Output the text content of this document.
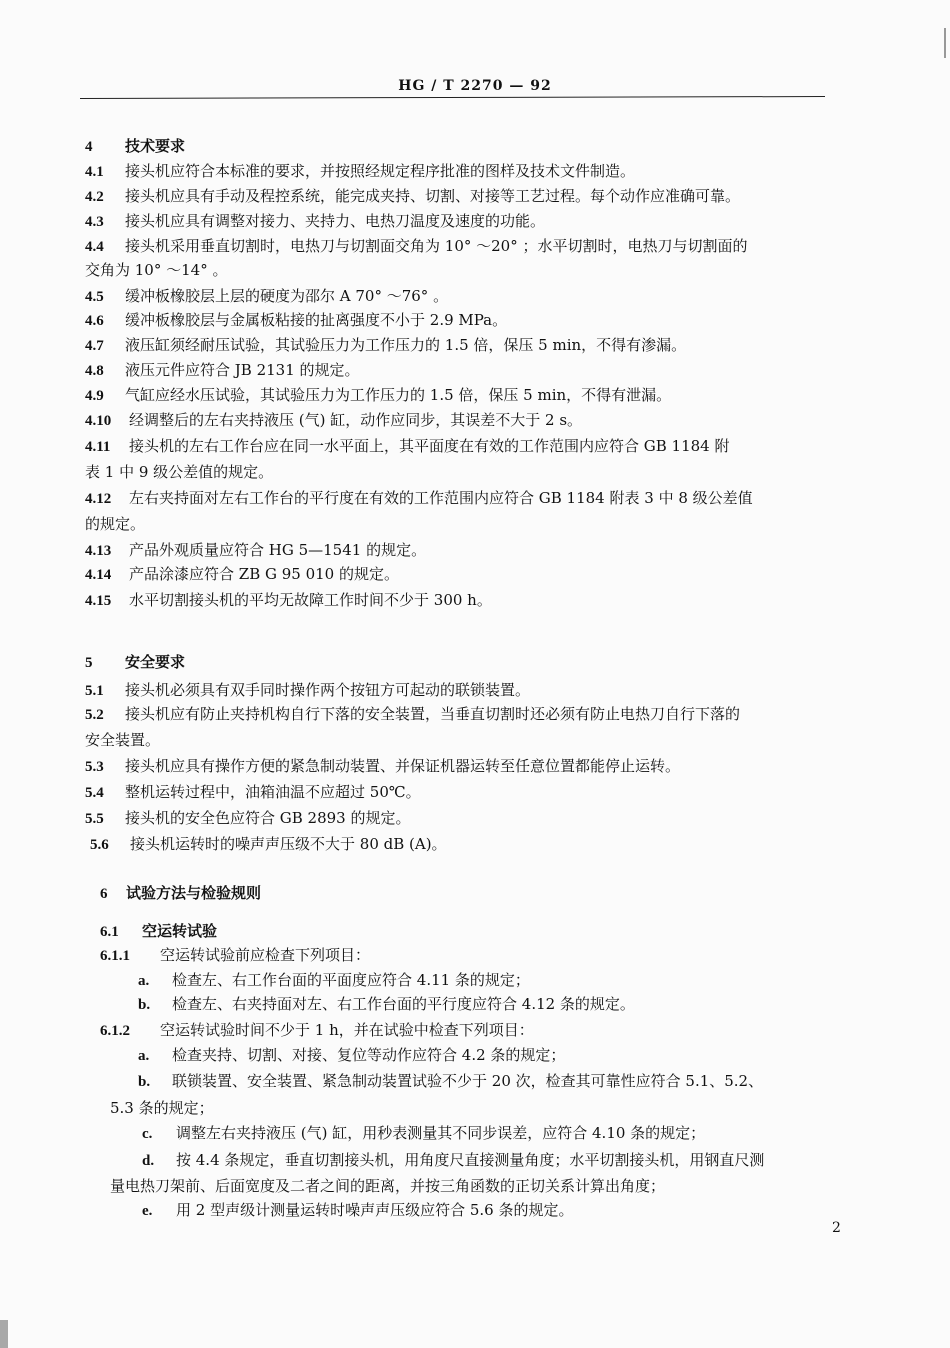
HG / T 2270 — 92
4 技术要求
4.1 接头机应符合本标准的要求，并按照经规定程序批准的图样及技术文件制造。
4.2 接头机应具有手动及程控系统，能完成夹持、切割、对接等工艺过程。每个动作应准确可靠。
4.3 接头机应具有调整对接力、夹持力、电热刀温度及速度的功能。
4.4 接头机采用垂直切割时，电热刀与切割面交角为 10° ～20° ；水平切割时，电热刀与切割面的
交角为 10° ～14° 。
4.5 缓冲板橡胶层上层的硬度为邵尔 A 70° ～76° 。
4.6 缓冲板橡胶层与金属板粘接的扯离强度不小于 2.9 MPa。
4.7 液压缸须经耐压试验，其试验压力为工作压力的 1.5 倍，保压 5 min，不得有渗漏。
4.8 液压元件应符合 JB 2131 的规定。
4.9 气缸应经水压试验，其试验压力为工作压力的 1.5 倍，保压 5 min，不得有泄漏。
4.10 经调整后的左右夹持液压 (气) 缸，动作应同步，其误差不大于 2 s。
4.11 接头机的左右工作台应在同一水平面上，其平面度在有效的工作范围内应符合 GB 1184 附
表 1 中 9 级公差值的规定。
4.12 左右夹持面对左右工作台的平行度在有效的工作范围内应符合 GB 1184 附表 3 中 8 级公差值
的规定。
4.13 产品外观质量应符合 HG 5—1541 的规定。
4.14 产品涂漆应符合 ZB G 95 010 的规定。
4.15 水平切割接头机的平均无故障工作时间不少于 300 h。
5 安全要求
5.1 接头机必须具有双手同时操作两个按钮方可起动的联锁装置。
5.2 接头机应有防止夹持机构自行下落的安全装置，当垂直切割时还必须有防止电热刀自行下落的
安全装置。
5.3 接头机应具有操作方便的紧急制动装置、并保证机器运转至任意位置都能停止运转。
5.4 整机运转过程中，油箱油温不应超过 50℃。
5.5 接头机的安全色应符合 GB 2893 的规定。
5.6 接头机运转时的噪声声压级不大于 80 dB (A)。
6 试验方法与检验规则
6.1 空运转试验
6.1.1 空运转试验前应检查下列项目：
a. 检查左、右工作台面的平面度应符合 4.11 条的规定；
b. 检查左、右夹持面对左、右工作台面的平行度应符合 4.12 条的规定。
6.1.2 空运转试验时间不少于 1 h，并在试验中检查下列项目：
a. 检查夹持、切割、对接、复位等动作应符合 4.2 条的规定；
b. 联锁装置、安全装置、紧急制动装置试验不少于 20 次，检查其可靠性应符合 5.1、5.2、
5.3 条的规定；
c. 调整左右夹持液压 (气) 缸，用秒表测量其不同步误差，应符合 4.10 条的规定；
d. 按 4.4 条规定，垂直切割接头机，用角度尺直接测量角度；水平切割接头机，用钢直尺测
量电热刀架前、后面宽度及二者之间的距离，并按三角函数的正切关系计算出角度；
e. 用 2 型声级计测量运转时噪声声压级应符合 5.6 条的规定。
2
